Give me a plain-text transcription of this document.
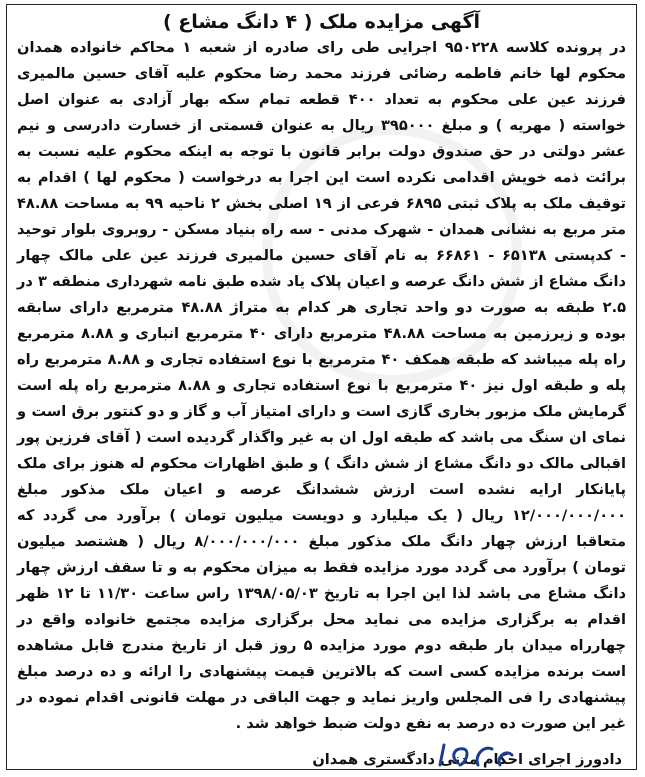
آگهی مزایده ملک ( ۴ دانگ مشاع )
در پرونده کلاسه ۹۵۰۲۲۸ اجرایی طی رای صادره از شعبه ۱ محاکم خانواده همدان محکوم لها خانم فاطمه رضائی فرزند محمد رضا محکوم علیه آقای حسین مالمیری فرزند عین علی محکوم به تعداد ۴۰۰ قطعه تمام سکه بهار آزادی به عنوان اصل خواسته ( مهریه ) و مبلغ ۳۹۵۰۰۰ ریال به عنوان قسمتی از خسارت دادرسی و نیم عشر دولتی در حق صندوق دولت برابر قانون با توجه به اینکه محکوم علیه نسبت به برائت ذمه خویش اقدامی نکرده است این اجرا به درخواست ( محکوم لها ) اقدام به توقیف ملک به پلاک ثبتی ۶۸۹۵ فرعی از ۱۹ اصلی بخش ۲ ناحیه ۹۹ به مساحت ۴۸.۸۸ متر مربع به نشانی همدان - شهرک مدنی - سه راه بنیاد مسکن - روبروی بلوار توحید - کدپستی ۶۵۱۳۸ - ۶۶۸۶۱ به نام آقای حسین مالمیری فرزند عین علی مالک چهار دانگ مشاع از شش دانگ عرصه و اعیان پلاک یاد شده طبق نامه شهرداری منطقه ۳ در ۲.۵ طبقه به صورت دو واحد تجاری هر کدام به متراژ ۴۸.۸۸ مترمربع دارای سابقه بوده و زیرزمین به مساحت ۴۸.۸۸ مترمربع دارای ۴۰ مترمربع انباری و ۸.۸۸ مترمربع راه پله میباشد که طبقه همکف ۴۰ مترمربع با نوع استفاده تجاری و ۸.۸۸ مترمربع راه پله و طبقه اول نیز ۴۰ مترمربع با نوع استفاده تجاری و ۸.۸۸ مترمربع راه پله است گرمایش ملک مزبور بخاری گازی است و دارای امتیاز آب و گاز و دو کنتور برق است و نمای ان سنگ می باشد که طبقه اول ان به غیر واگذار گردیده است ( آقای فرزین پور اقبالی مالک دو دانگ مشاع از شش دانگ ) و طبق اظهارات محکوم له هنوز برای ملک پایانکار ارایه نشده است ارزش ششدانگ عرصه و اعیان ملک مذکور مبلغ ۱۲/۰۰۰/۰۰۰/۰۰۰ ریال ( یک میلیارد و دویست میلیون تومان ) برآورد می گردد که متعاقبا ارزش چهار دانگ ملک مذکور مبلغ ۸/۰۰۰/۰۰۰/۰۰۰ ریال ( هشتصد میلیون تومان ) برآورد می گردد مورد مزایده فقط به میزان محکوم به و تا سقف ارزش چهار دانگ مشاع می باشد لذا این اجرا به تاریخ ۱۳۹۸/۰۵/۰۳ راس ساعت ۱۱/۳۰ تا ۱۲ ظهر اقدام به برگزاری مزایده می نماید محل برگزاری مزایده مجتمع خانواده واقع در چهارراه میدان بار طبقه دوم مورد مزایده ۵ روز قبل از تاریخ مندرج قابل مشاهده است برنده مزایده کسی است که بالاترین قیمت پیشنهادی را ارائه و ده درصد مبلغ پیشنهادی را فی المجلس واریز نماید و جهت الباقی در مهلت قانونی اقدام نموده در غیر این صورت ده درصد به نفع دولت ضبط خواهد شد .
دادورز اجرای احکام مدنی دادگستری همدان
